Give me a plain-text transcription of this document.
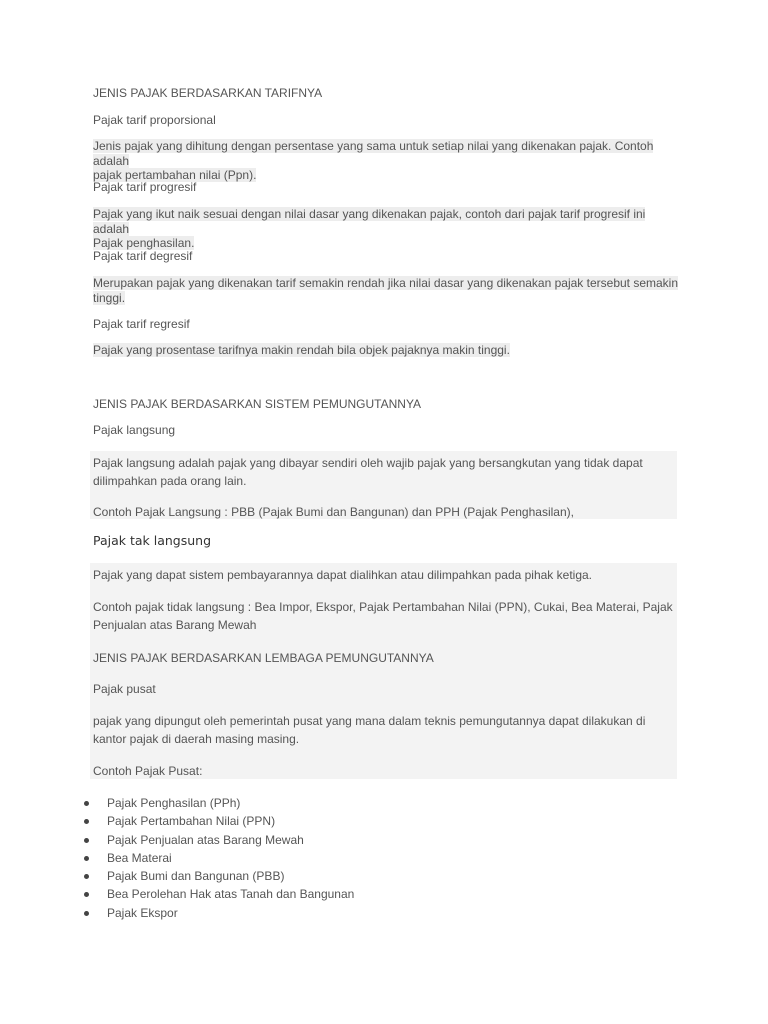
JENIS PAJAK BERDASARKAN TARIFNYA

Pajak tarif proporsional

Jenis pajak yang dihitung dengan persentase yang sama untuk setiap nilai yang dikenakan pajak. Contoh adalah
pajak pertambahan nilai (Ppn).

Pajak tarif progresif

Pajak yang ikut naik sesuai dengan nilai dasar yang dikenakan pajak, contoh dari pajak tarif progresif ini adalah
Pajak penghasilan.

Pajak tarif degresif

Merupakan pajak yang dikenakan tarif semakin rendah jika nilai dasar yang dikenakan pajak tersebut semakin
tinggi.

Pajak tarif regresif

Pajak yang prosentase tarifnya makin rendah bila objek pajaknya makin tinggi.

JENIS PAJAK BERDASARKAN SISTEM PEMUNGUTANNYA

Pajak langsung

Pajak langsung adalah pajak yang dibayar sendiri oleh wajib pajak yang bersangkutan yang tidak dapat dilimpahkan pada orang lain.

Contoh Pajak Langsung : PBB (Pajak Bumi dan Bangunan) dan PPH (Pajak Penghasilan),

Pajak tak langsung

Pajak yang dapat sistem pembayarannya dapat dialihkan atau dilimpahkan pada pihak ketiga.

Contoh pajak tidak langsung : Bea Impor, Ekspor, Pajak Pertambahan Nilai (PPN), Cukai, Bea Materai, Pajak Penjualan atas Barang Mewah

JENIS PAJAK BERDASARKAN LEMBAGA PEMUNGUTANNYA

Pajak pusat

pajak yang dipungut oleh pemerintah pusat yang mana dalam teknis pemungutannya dapat dilakukan di kantor pajak di daerah masing masing.

Contoh Pajak Pusat:

Pajak Penghasilan (PPh)
Pajak Pertambahan Nilai (PPN)
Pajak Penjualan atas Barang Mewah
Bea Materai
Pajak Bumi dan Bangunan (PBB)
Bea Perolehan Hak atas Tanah dan Bangunan
Pajak Ekspor
